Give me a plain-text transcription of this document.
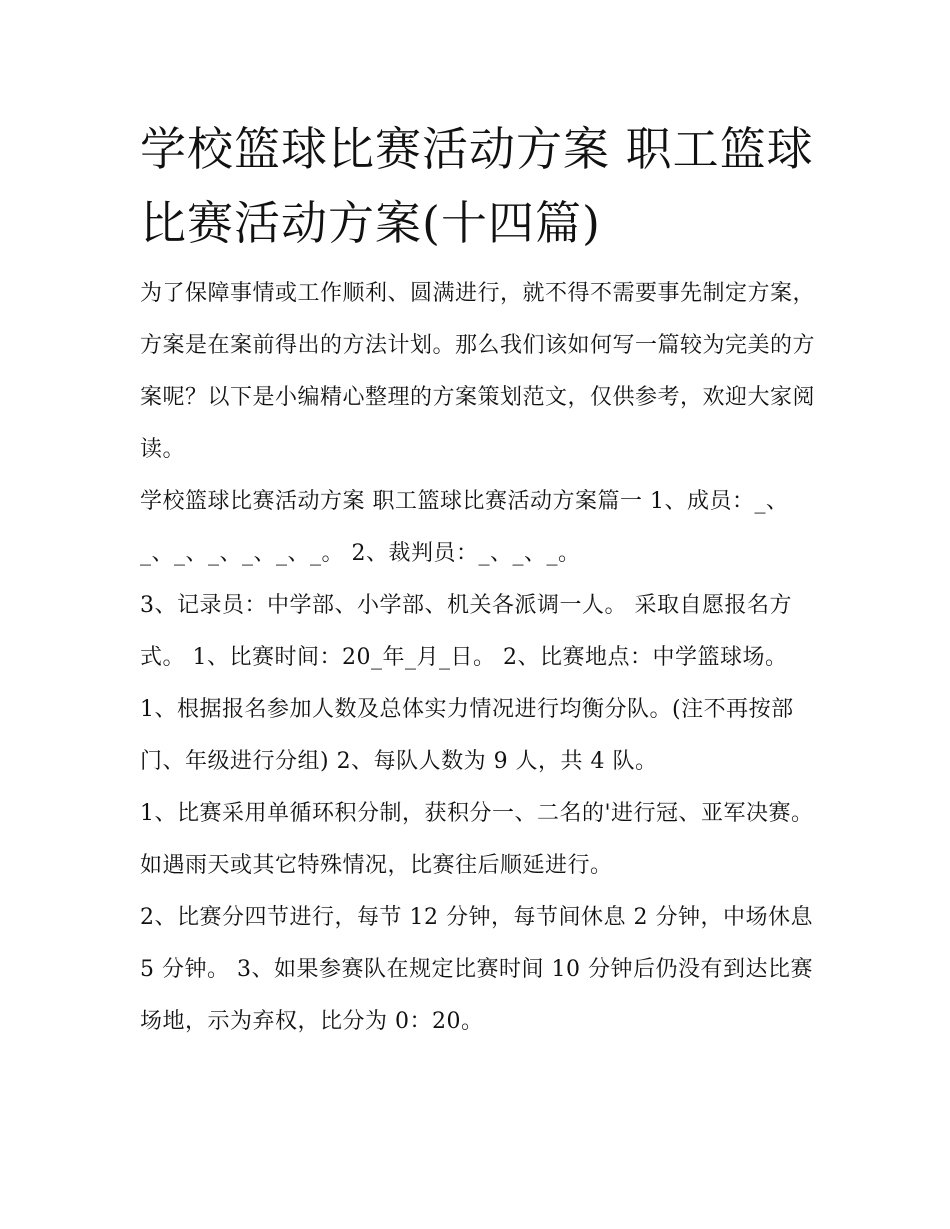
学校篮球比赛活动方案 职工篮球比赛活动方案(十四篇)

为了保障事情或工作顺利、圆满进行，就不得不需要事先制定方案，方案是在案前得出的方法计划。那么我们该如何写一篇较为完美的方案呢？以下是小编精心整理的方案策划范文，仅供参考，欢迎大家阅读。

学校篮球比赛活动方案 职工篮球比赛活动方案篇一 1、成员：_、_、_、_、_、_、_。 2、裁判员：_、_、_。

3、记录员：中学部、小学部、机关各派调一人。 采取自愿报名方式。 1、比赛时间：20_年_月_日。 2、比赛地点：中学篮球场。

1、根据报名参加人数及总体实力情况进行均衡分队。(注不再按部门、年级进行分组) 2、每队人数为 9 人，共 4 队。

1、比赛采用单循环积分制，获积分一、二名的'进行冠、亚军决赛。如遇雨天或其它特殊情况，比赛往后顺延进行。

2、比赛分四节进行，每节 12 分钟，每节间休息 2 分钟，中场休息 5 分钟。 3、如果参赛队在规定比赛时间 10 分钟后仍没有到达比赛场地，示为弃权，比分为 0：20。
